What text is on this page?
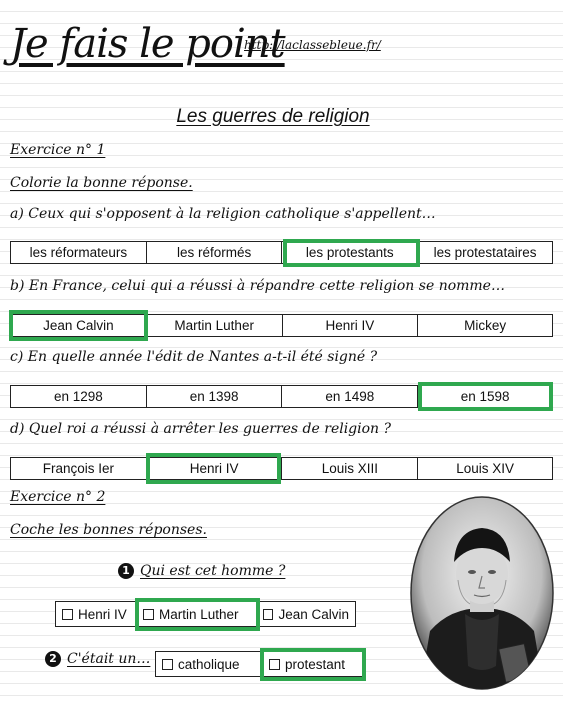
Je fais le point
http://laclassebleue.fr/
Les guerres de religion
Exercice n° 1
Colorie la bonne réponse.
a) Ceux qui s'opposent à la religion catholique s'appellent…
les réformateurs	les réformés	les protestants	les protestataires
b) En France, celui qui a réussi à répandre cette religion se nomme…
Jean Calvin	Martin Luther	Henri IV	Mickey
c) En quelle année l'édit de Nantes a-t-il été signé ?
en 1298	en 1398	en 1498	en 1598
d) Quel roi a réussi à arrêter les guerres de religion ?
François Ier	Henri IV	Louis XIII	Louis XIV
Exercice n° 2
Coche les bonnes réponses.
1 Qui est cet homme ?
Henri IV Martin Luther	Jean Calvin
2 C'était un… catholique	protestant
